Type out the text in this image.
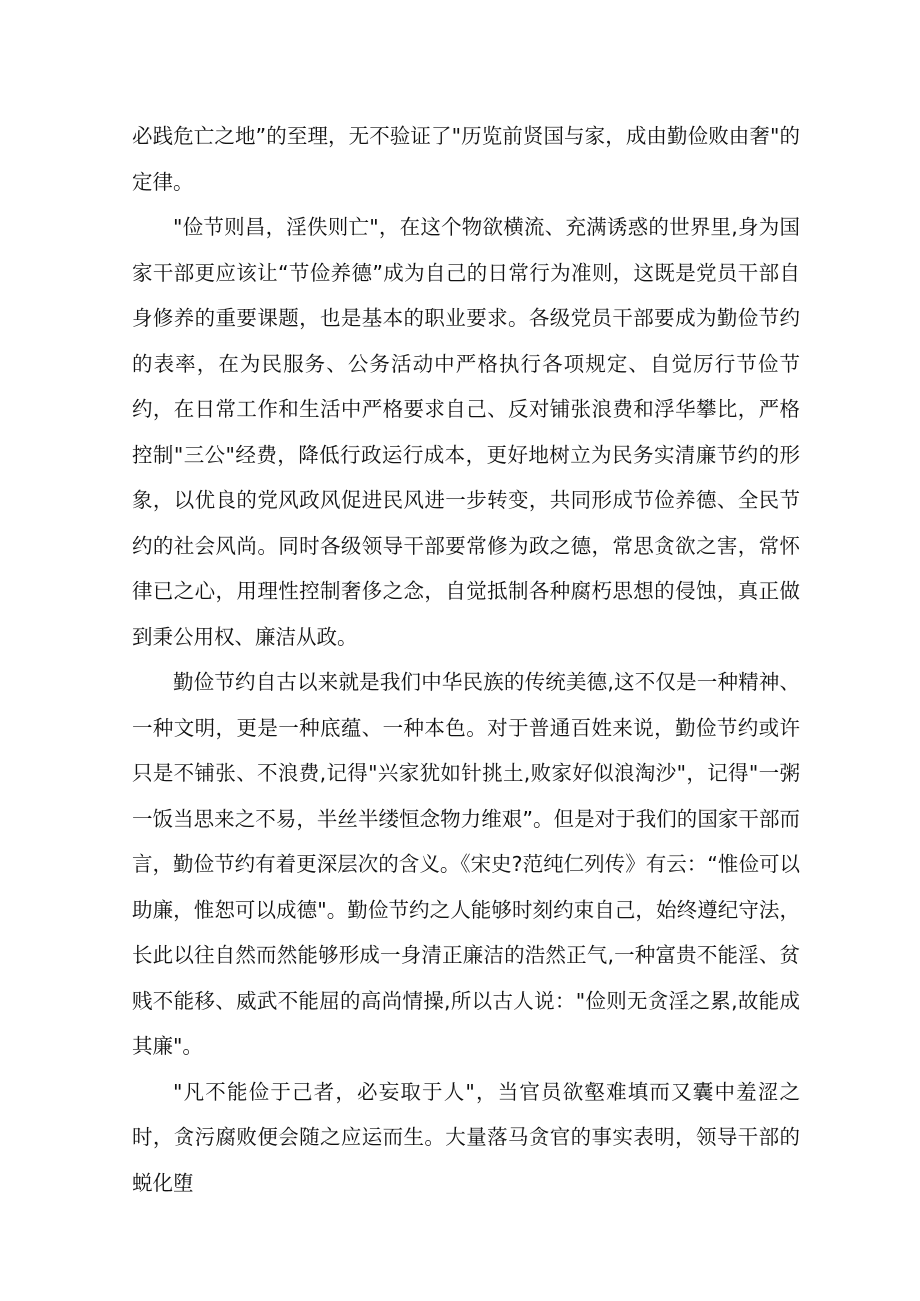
必践危亡之地”的至理，无不验证了"历览前贤国与家，成由勤俭败由奢"的定律。

"俭节则昌，淫佚则亡"，在这个物欲横流、充满诱惑的世界里,身为国家干部更应该让“节俭养德”成为自己的日常行为准则，这既是党员干部自身修养的重要课题，也是基本的职业要求。各级党员干部要成为勤俭节约的表率，在为民服务、公务活动中严格执行各项规定、自觉厉行节俭节约，在日常工作和生活中严格要求自己、反对铺张浪费和浮华攀比，严格控制"三公"经费，降低行政运行成本，更好地树立为民务实清廉节约的形象，以优良的党风政风促进民风进一步转变，共同形成节俭养德、全民节约的社会风尚。同时各级领导干部要常修为政之德，常思贪欲之害，常怀律已之心，用理性控制奢侈之念，自觉抵制各种腐朽思想的侵蚀，真正做到秉公用权、廉洁从政。

勤俭节约自古以来就是我们中华民族的传统美德,这不仅是一种精神、一种文明，更是一种底蕴、一种本色。对于普通百姓来说，勤俭节约或许只是不铺张、不浪费,记得"兴家犹如针挑土,败家好似浪淘沙"，记得"一粥一饭当思来之不易，半丝半缕恒念物力维艰”。但是对于我们的国家干部而言，勤俭节约有着更深层次的含义。《宋史?范纯仁列传》有云：“惟俭可以助廉，惟恕可以成德"。勤俭节约之人能够时刻约束自己，始终遵纪守法，长此以往自然而然能够形成一身清正廉洁的浩然正气,一种富贵不能淫、贫贱不能移、威武不能屈的高尚情操,所以古人说："俭则无贪淫之累,故能成其廉"。

"凡不能俭于己者，必妄取于人"，当官员欲壑难填而又囊中羞涩之时，贪污腐败便会随之应运而生。大量落马贪官的事实表明，领导干部的蜕化堕
